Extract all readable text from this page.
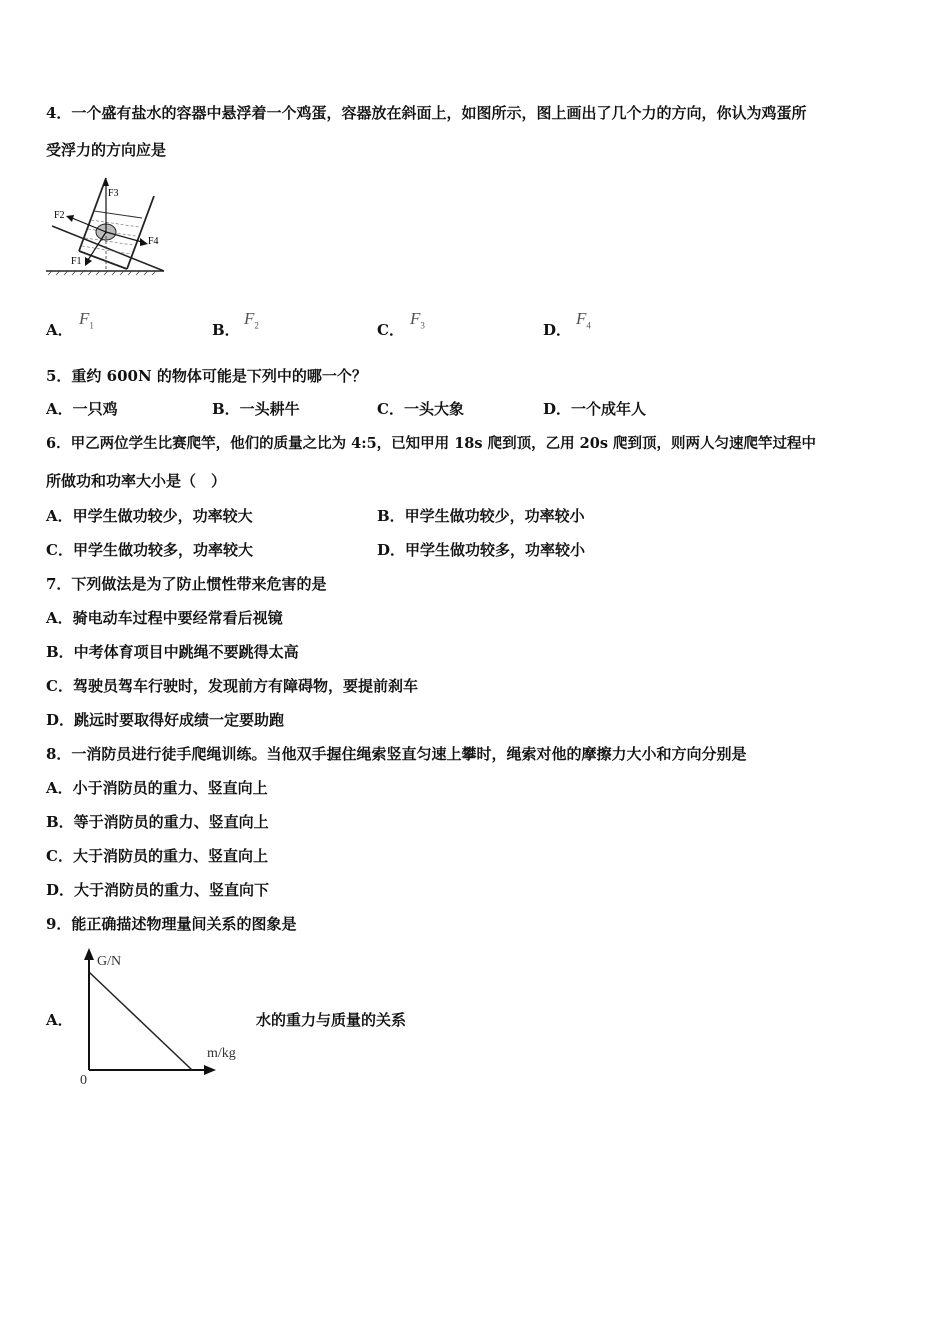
4．一个盛有盐水的容器中悬浮着一个鸡蛋，容器放在斜面上，如图所示，图上画出了几个力的方向，你认为鸡蛋所
受浮力的方向应是
F3
F2
F4
F1
A．
$F_1$	B．
$F_2$	C．
$F_3$	D．
$F_4$
5．重约 600N 的物体可能是下列中的哪一个？
A．一只鸡	B．一头耕牛	C．一头大象	D．一个成年人
6．甲乙两位学生比赛爬竿，他们的质量之比为 4:5，已知甲用 18s 爬到顶，乙用 20s 爬到顶，则两人匀速爬竿过程中
所做功和功率大小是（　）
A．甲学生做功较少，功率较大	B．甲学生做功较少，功率较小
C．甲学生做功较多，功率较大	D．甲学生做功较多，功率较小
7．下列做法是为了防止惯性带来危害的是
A．骑电动车过程中要经常看后视镜
B．中考体育项目中跳绳不要跳得太高
C．驾驶员驾车行驶时，发现前方有障碍物，要提前刹车
D．跳远时要取得好成绩一定要助跑
8．一消防员进行徒手爬绳训练。当他双手握住绳索竖直匀速上攀时，绳索对他的摩擦力大小和方向分别是
A．小于消防员的重力、竖直向上
B．等于消防员的重力、竖直向上
C．大于消防员的重力、竖直向上
D．大于消防员的重力、竖直向下
9．能正确描述物理量间关系的图象是
A．
G/N
m/kg
0
水的重力与质量的关系
